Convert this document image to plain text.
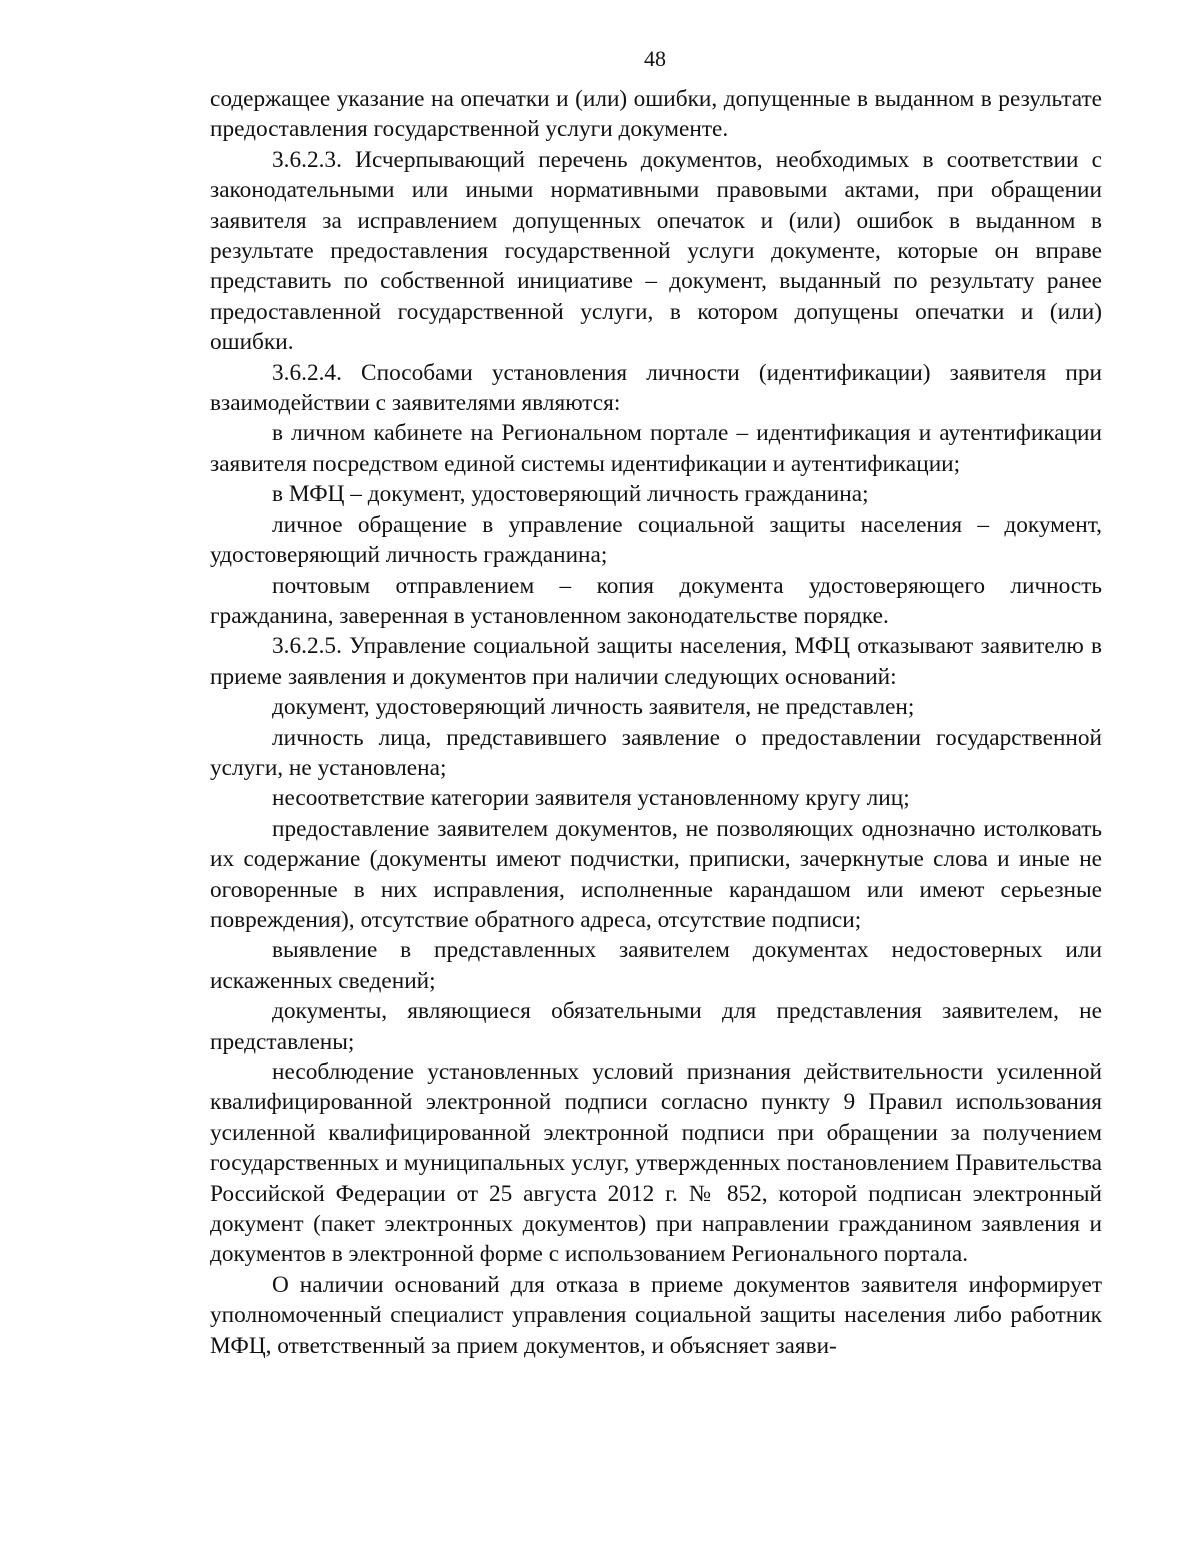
48

содержащее указание на опечатки и (или) ошибки, допущенные в выданном в результате предоставления государственной услуги документе.

3.6.2.3. Исчерпывающий перечень документов, необходимых в соответствии с законодательными или иными нормативными правовыми актами, при обращении заявителя за исправлением допущенных опечаток и (или) ошибок в выданном в результате предоставления государственной услуги документе, которые он вправе представить по собственной инициативе – документ, выданный по результату ранее предоставленной государственной услуги, в котором допущены опечатки и (или) ошибки.

3.6.2.4. Способами установления личности (идентификации) заявителя при взаимодействии с заявителями являются:

в личном кабинете на Региональном портале – идентификация и аутентификации заявителя посредством единой системы идентификации и аутентификации;

в МФЦ – документ, удостоверяющий личность гражданина;

личное обращение в управление социальной защиты населения – документ, удостоверяющий личность гражданина;

почтовым отправлением – копия документа удостоверяющего личность гражданина, заверенная в установленном законодательстве порядке.

3.6.2.5. Управление социальной защиты населения, МФЦ отказывают заявителю в приеме заявления и документов при наличии следующих оснований:

документ, удостоверяющий личность заявителя, не представлен;

личность лица, представившего заявление о предоставлении государственной услуги, не установлена;

несоответствие категории заявителя установленному кругу лиц;

предоставление заявителем документов, не позволяющих однозначно истолковать их содержание (документы имеют подчистки, приписки, зачеркнутые слова и иные не оговоренные в них исправления, исполненные карандашом или имеют серьезные повреждения), отсутствие обратного адреса, отсутствие подписи;

выявление в представленных заявителем документах недостоверных или искаженных сведений;

документы, являющиеся обязательными для представления заявителем, не представлены;

несоблюдение установленных условий признания действительности усиленной квалифицированной электронной подписи согласно пункту 9 Правил использования усиленной квалифицированной электронной подписи при обращении за получением государственных и муниципальных услуг, утвержденных постановлением Правительства Российской Федерации от 25 августа 2012 г. № 852, которой подписан электронный документ (пакет электронных документов) при направлении гражданином заявления и документов в электронной форме с использованием Регионального портала.

О наличии оснований для отказа в приеме документов заявителя информирует уполномоченный специалист управления социальной защиты населения либо работник МФЦ, ответственный за прием документов, и объясняет заяви-
